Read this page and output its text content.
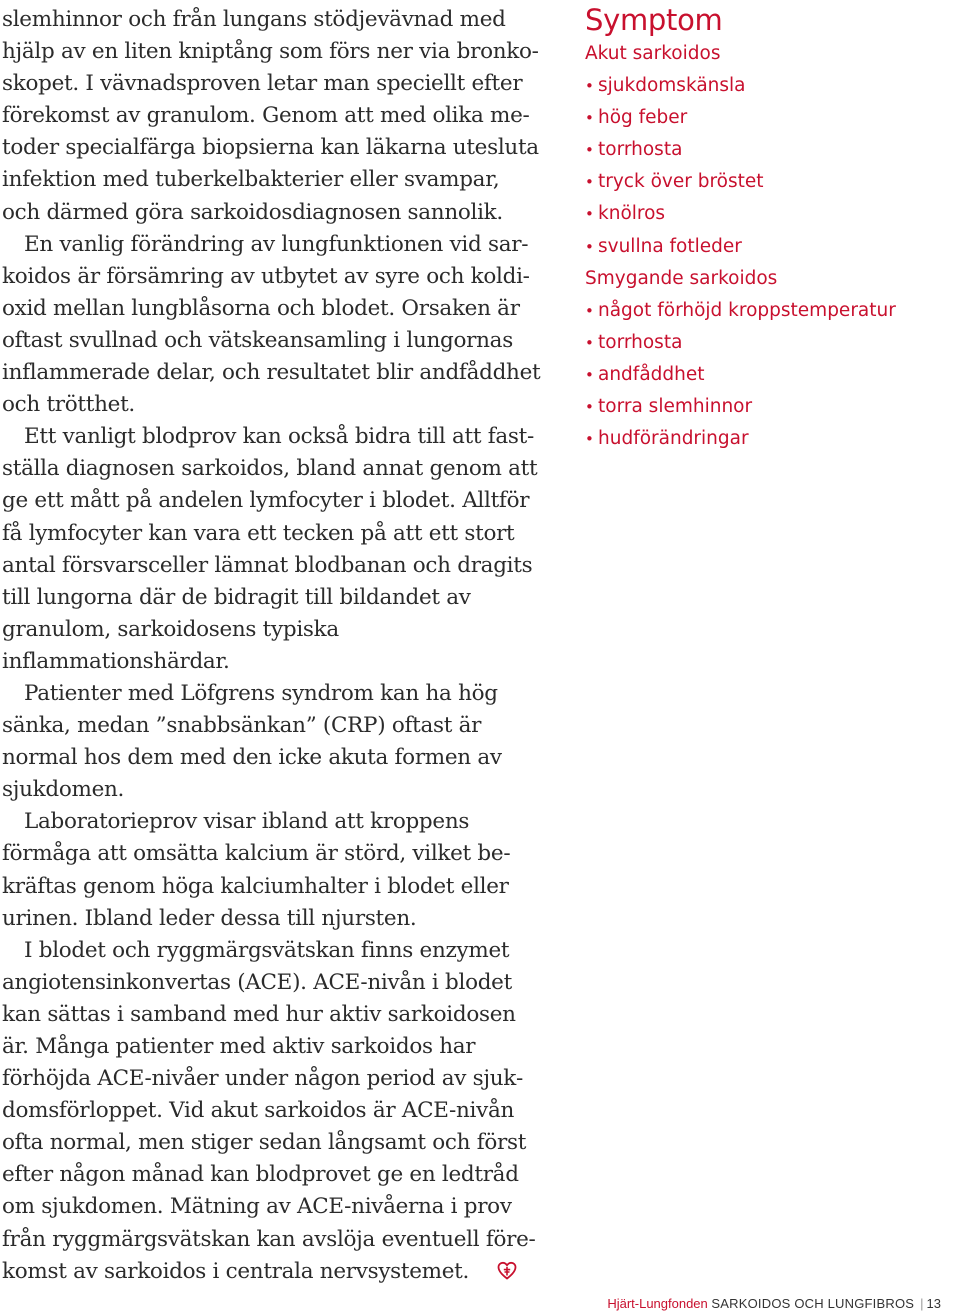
slemhinnor och från lungans stödjevävnad med hjälp av en liten kniptång som förs ner via bronkoskopet. I vävnadsproven letar man speciellt efter förekomst av granulom. Genom att med olika metoder specialfärga biopsierna kan läkarna utesluta infektion med tuberkelbakterier eller svampar, och därmed göra sarkoidosdiagnosen sannolik.

En vanlig förändring av lungfunktionen vid sarkoidos är försämring av utbytet av syre och koldioxid mellan lungblåsorna och blodet. Orsaken är oftast svullnad och vätskeansamling i lungornas inflammerade delar, och resultatet blir andfåddhet och trötthet.

Ett vanligt blodprov kan också bidra till att fastställa diagnosen sarkoidos, bland annat genom att ge ett mått på andelen lymfocyter i blodet. Alltför få lymfocyter kan vara ett tecken på att ett stort antal försvarsceller lämnat blodbanan och dragits till lungorna där de bidragit till bildandet av granulom, sarkoidosens typiska inflammationshärdar.

Patienter med Löfgrens syndrom kan ha hög sänka, medan ”snabbsänkan” (CRP) oftast är normal hos dem med den icke akuta formen av sjukdomen.

Laboratorieprov visar ibland att kroppens förmåga att omsätta kalcium är störd, vilket bekräftas genom höga kalciumhalter i blodet eller urinen. Ibland leder dessa till njursten.

I blodet och ryggmärgsvätskan finns enzymet angiotensinkonvertas (ACE). ACE-nivån i blodet kan sättas i samband med hur aktiv sarkoidosen är. Många patienter med aktiv sarkoidos har förhöjda ACE-nivåer under någon period av sjukdomsförloppet. Vid akut sarkoidos är ACE-nivån ofta normal, men stiger sedan långsamt och först efter någon månad kan blodprovet ge en ledtråd om sjukdomen. Mätning av ACE-nivåerna i prov från ryggmärgsvätskan kan avslöja eventuell förekomst av sarkoidos i centrala nervsystemet.

Symptom
Akut sarkoidos
• sjukdomskänsla
• hög feber
• torrhosta
• tryck över bröstet
• knölros
• svullna fotleder
Smygande sarkoidos
• något förhöjd kroppstemperatur
• torrhosta
• andfåddhet
• torra slemhinnor
• hudförändringar
Hjärt-Lungfonden SARKOIDOS OCH LUNGFIBROS | 13
